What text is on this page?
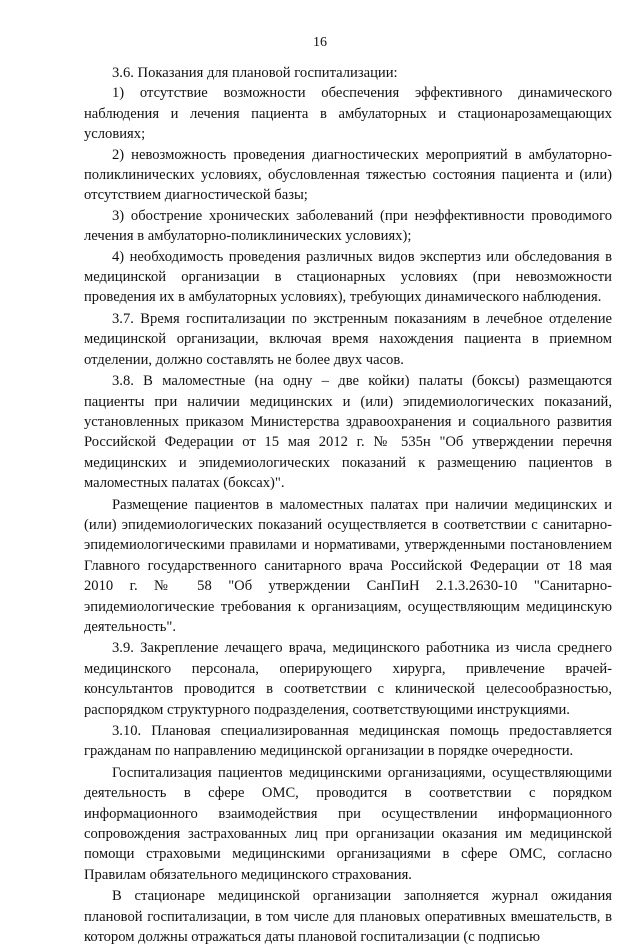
16

3.6. Показания для плановой госпитализации:

1) отсутствие возможности обеспечения эффективного динамического наблюдения и лечения пациента в амбулаторных и стационарозамещающих условиях;

2) невозможность проведения диагностических мероприятий в амбулаторно-поликлинических условиях, обусловленная тяжестью состояния пациента и (или) отсутствием диагностической базы;

3) обострение хронических заболеваний (при неэффективности проводимого лечения в амбулаторно-поликлинических условиях);

4) необходимость проведения различных видов экспертиз или обследования в медицинской организации в стационарных условиях (при невозможности проведения их в амбулаторных условиях), требующих динамического наблюдения.

3.7. Время госпитализации по экстренным показаниям в лечебное отделение медицинской организации, включая время нахождения пациента в приемном отделении, должно составлять не более двух часов.

3.8. В маломестные (на одну – две койки) палаты (боксы) размещаются пациенты при наличии медицинских и (или) эпидемиологических показаний, установленных приказом Министерства здравоохранения и социального развития Российской Федерации от 15 мая 2012 г. № 535н "Об утверждении перечня медицинских и эпидемиологических показаний к размещению пациентов в маломестных палатах (боксах)".

Размещение пациентов в маломестных палатах при наличии медицинских и (или) эпидемиологических показаний осуществляется в соответствии с санитарно-эпидемиологическими правилами и нормативами, утвержденными постановлением Главного государственного санитарного врача Российской Федерации от 18 мая 2010 г. № 58 "Об утверждении СанПиН 2.1.3.2630-10 "Санитарно-эпидемиологические требования к организациям, осуществляющим медицинскую деятельность".

3.9. Закрепление лечащего врача, медицинского работника из числа среднего медицинского персонала, оперирующего хирурга, привлечение врачей-консультантов проводится в соответствии с клинической целесообразностью, распорядком структурного подразделения, соответствующими инструкциями.

3.10. Плановая специализированная медицинская помощь предоставляется гражданам по направлению медицинской организации в порядке очередности.

Госпитализация пациентов медицинскими организациями, осуществляющими деятельность в сфере ОМС, проводится в соответствии с порядком информационного взаимодействия при осуществлении информационного сопровождения застрахованных лиц при организации оказания им медицинской помощи страховыми медицинскими организациями в сфере ОМС, согласно Правилам обязательного медицинского страхования.

В стационаре медицинской организации заполняется журнал ожидания плановой госпитализации, в том числе для плановых оперативных вмешательств, в котором должны отражаться даты плановой госпитализации (с подписью
